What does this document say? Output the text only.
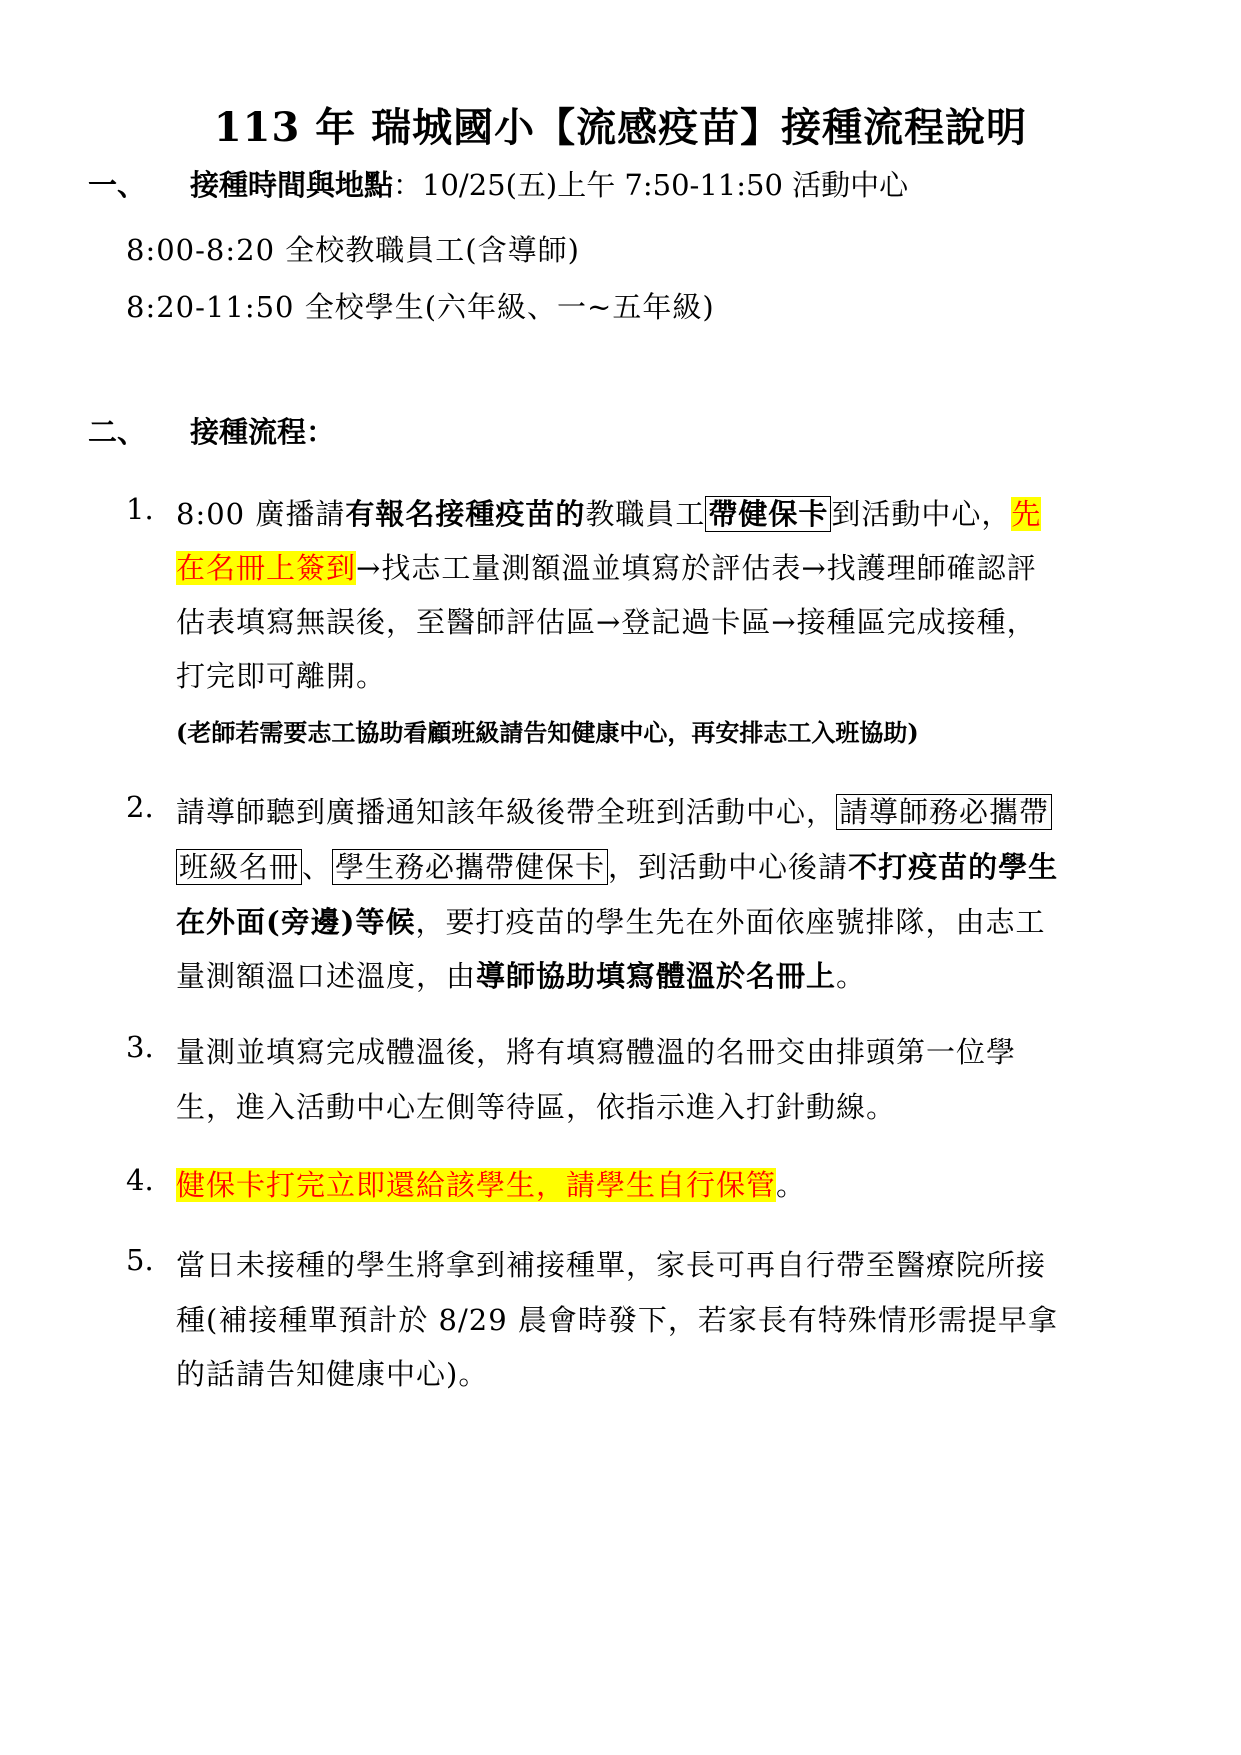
113 年 瑞城國小【流感疫苗】接種流程說明
一、 接種時間與地點：10/25(五)上午 7:50-11:50 活動中心
8:00-8:20 全校教職員工(含導師)
8:20-11:50 全校學生(六年級、一~五年級)
二、 接種流程：
1. 8:00 廣播請有報名接種疫苗的教職員工 帶健保卡 到活動中心，先
在名冊上簽到→找志工量測額溫並填寫於評估表→找護理師確認評
估表填寫無誤後，至醫師評估區→登記過卡區→接種區完成接種，
打完即可離開。
(老師若需要志工協助看顧班級請告知健康中心，再安排志工入班協助)
2. 請導師聽到廣播通知該年級後帶全班到活動中心， 請導師務必攜帶
班級名冊 、 學生務必攜帶健保卡 ，到活動中心後請不打疫苗的學生
在外面(旁邊)等候，要打疫苗的學生先在外面依座號排隊，由志工
量測額溫口述溫度，由導師協助填寫體溫於名冊上。
3. 量測並填寫完成體溫後，將有填寫體溫的名冊交由排頭第一位學
生，進入活動中心左側等待區，依指示進入打針動線。
4. 健保卡打完立即還給該學生，請學生自行保管。
5. 當日未接種的學生將拿到補接種單，家長可再自行帶至醫療院所接
種(補接種單預計於 8/29 晨會時發下，若家長有特殊情形需提早拿
的話請告知健康中心)。
